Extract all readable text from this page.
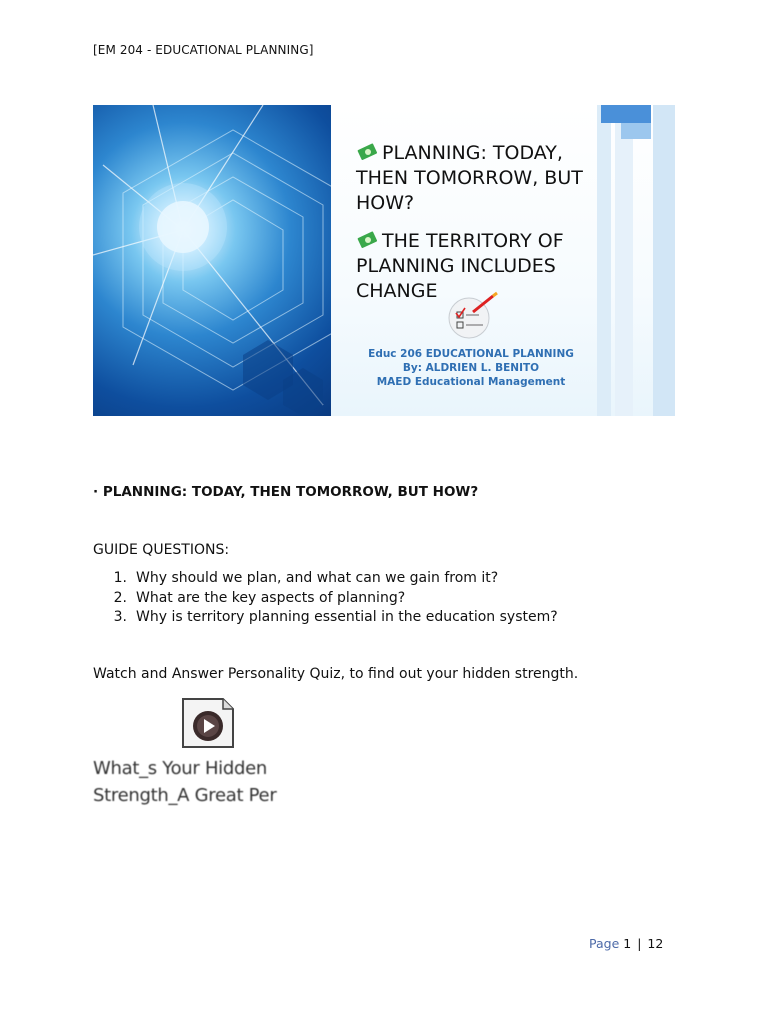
[EM 204 - EDUCATIONAL PLANNING]
PLANNING: TODAY,
THEN TOMORROW, BUT
HOW?
THE TERRITORY OF
PLANNING INCLUDES
CHANGE
Educ 206 EDUCATIONAL PLANNING
By: ALDRIEN L. BENITO
MAED Educational Management
· PLANNING: TODAY, THEN TOMORROW, BUT HOW?
GUIDE QUESTIONS:
1. Why should we plan, and what can we gain from it?
2. What are the key aspects of planning?
3. Why is territory planning essential in the education system?
Watch and Answer Personality Quiz, to find out your hidden strength.
What_s Your Hidden
Strength_A Great Per
Page 1 | 12
